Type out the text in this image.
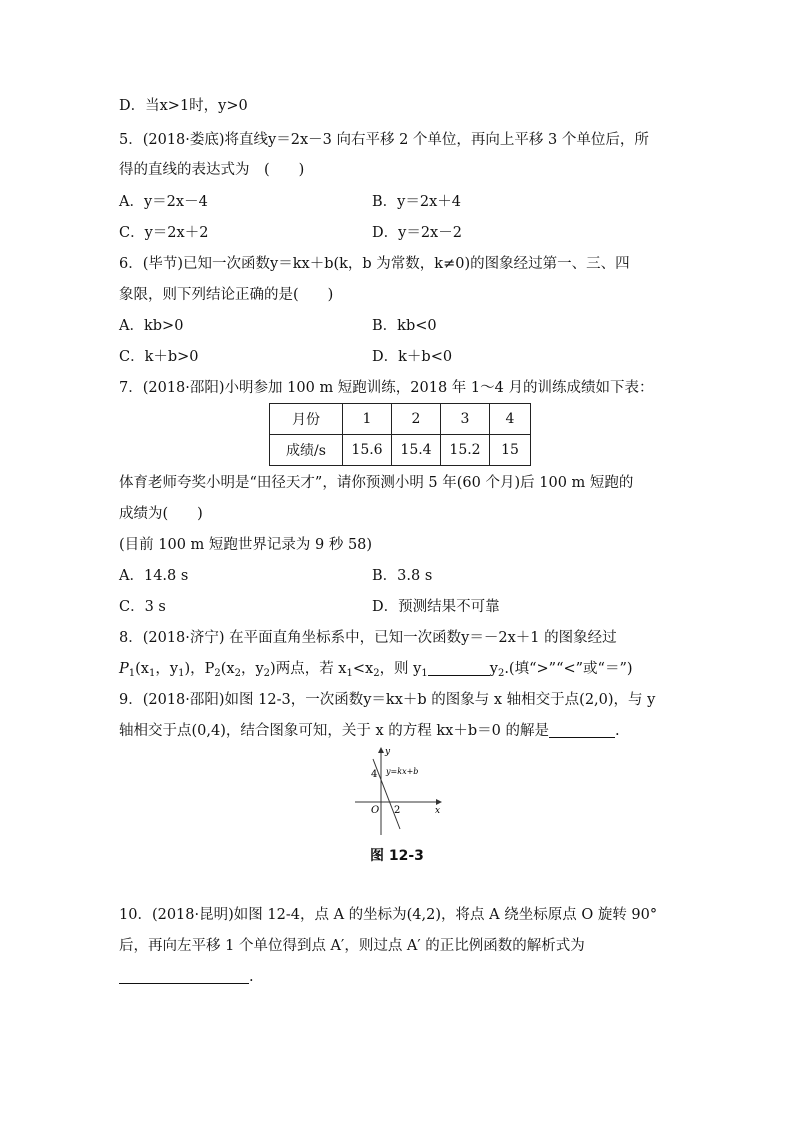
D．当x>1时，y>0
5．(2018·娄底)将直线y＝2x－3 向右平移 2 个单位，再向上平移 3 个单位后，所
得的直线的表达式为　(　　)
A．y＝2x－4	B．y＝2x＋4
C．y＝2x＋2	D．y＝2x－2
6．(毕节)已知一次函数y＝kx＋b(k，b 为常数，k≠0)的图象经过第一、三、四
象限，则下列结论正确的是(　　)
A．kb>0	B．kb<0
C．k＋b>0	D．k＋b<0
7．(2018·邵阳)小明参加 100 m 短跑训练，2018 年 1～4 月的训练成绩如下表：
月份	1	2	3	4
成绩/s	15.6	15.4	15.2	15
体育老师夸奖小明是“田径天才”，请你预测小明 5 年(60 个月)后 100 m 短跑的
成绩为(　　)
(目前 100 m 短跑世界记录为 9 秒 58)
A．14.8 s	B．3.8 s
C．3 s	D．预测结果不可靠
8．(2018·济宁) 在平面直角坐标系中，已知一次函数y＝－2x＋1 的图象经过
$P_1(x_1$，$y_1$)，$P_2(x_2$，$y_2$)两点，若 $x_1<x_2$，则 $y_1$	$y_2$.(填“>”“<”或“＝”)
9．(2018·邵阳)如图 12-3，一次函数y＝kx＋b 的图象与 x 轴相交于点(2,0)，与 y
轴相交于点(0,4)，结合图象可知，关于 x 的方程 kx＋b＝0 的解是	.
y
x
O
4
2
y=kx+b
图 12-3
10．(2018·昆明)如图 12-4，点 A 的坐标为(4,2)，将点 A 绕坐标原点 O 旋转 90°
后，再向左平移 1 个单位得到点 A′，则过点 A′ 的正比例函数的解析式为
.
